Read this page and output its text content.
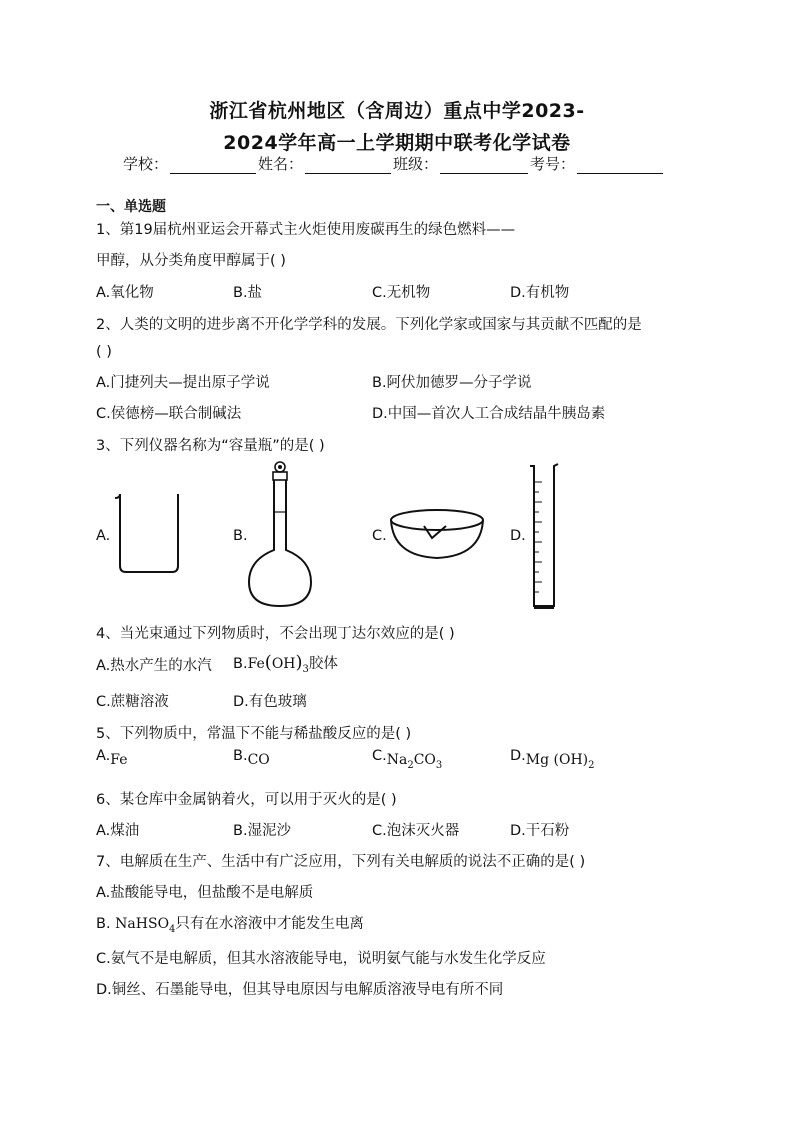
浙江省杭州地区（含周边）重点中学2023-
2024学年高一上学期期中联考化学试卷
学校：	姓名：	班级：	考号：
一、单选题
1、第19届杭州亚运会开幕式主火炬使用废碳再生的绿色燃料——
甲醇，从分类角度甲醇属于( )
A.氧化物	B.盐	C.无机物	D.有机物
2、人类的文明的进步离不开化学学科的发展。下列化学家或国家与其贡献不匹配的是
( )
A.门捷列夫—提出原子学说	B.阿伏加德罗—分子学说
C.侯德榜—联合制碱法	D.中国—首次人工合成结晶牛胰岛素
3、下列仪器名称为“容量瓶”的是( )
A.	B.	C.	D.
4、当光束通过下列物质时，不会出现丁达尔效应的是( )
A.热水产生的水汽 $B.Fe(OH)_3$胶体
C.蔗糖溶液	D.有色玻璃
5、下列物质中，常温下不能与稀盐酸反应的是( )
A.Fe	B.CO	$C.Na_2CO_3$
D.Mg $(OH)_2$
6、某仓库中金属钠着火，可以用于灭火的是( )
A.煤油	B.湿泥沙	C.泡沫灭火器	D.干石粉
7、电解质在生产、生活中有广泛应用，下列有关电解质的说法不正确的是( )
A.盐酸能导电，但盐酸不是电解质
B. NaHSO$_4$只有在水溶液中才能发生电离
C.氨气不是电解质，但其水溶液能导电，说明氨气能与水发生化学反应
D.铜丝、石墨能导电，但其导电原因与电解质溶液导电有所不同
